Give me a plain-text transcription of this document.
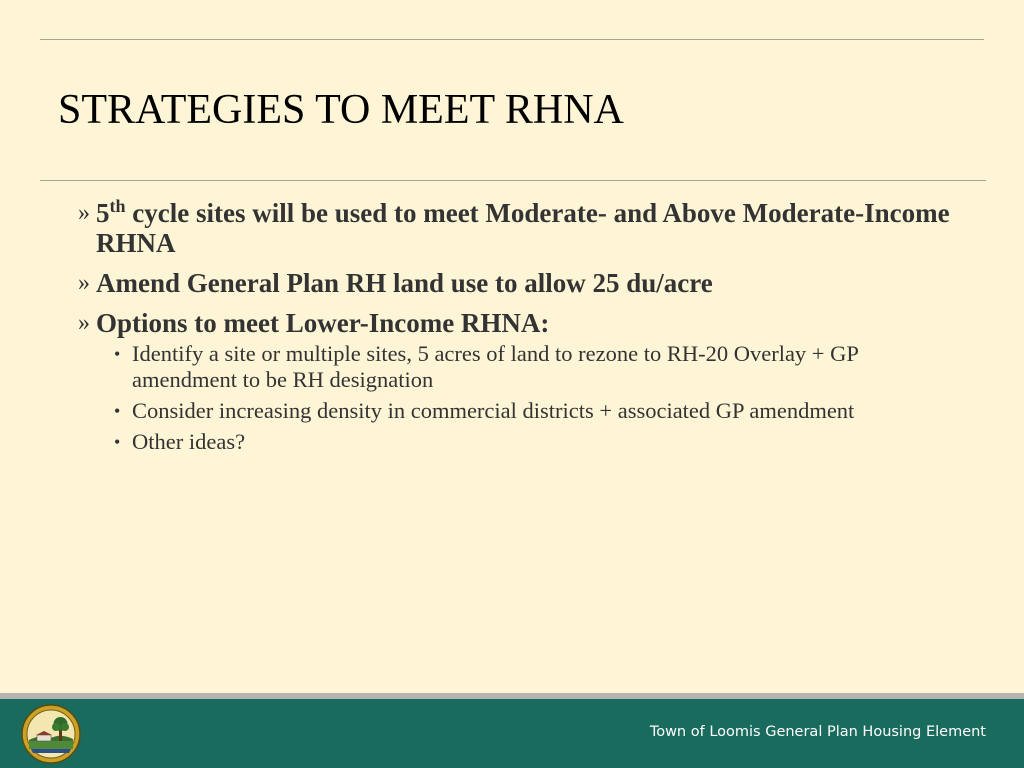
STRATEGIES TO MEET RHNA
» 5th cycle sites will be used to meet Moderate- and Above Moderate-Income RHNA
» Amend General Plan RH land use to allow 25 du/acre
» Options to meet Lower-Income RHNA:
• Identify a site or multiple sites, 5 acres of land to rezone to RH-20 Overlay + GP amendment to be RH designation
• Consider increasing density in commercial districts + associated GP amendment
• Other ideas?
Town of Loomis General Plan Housing Element
